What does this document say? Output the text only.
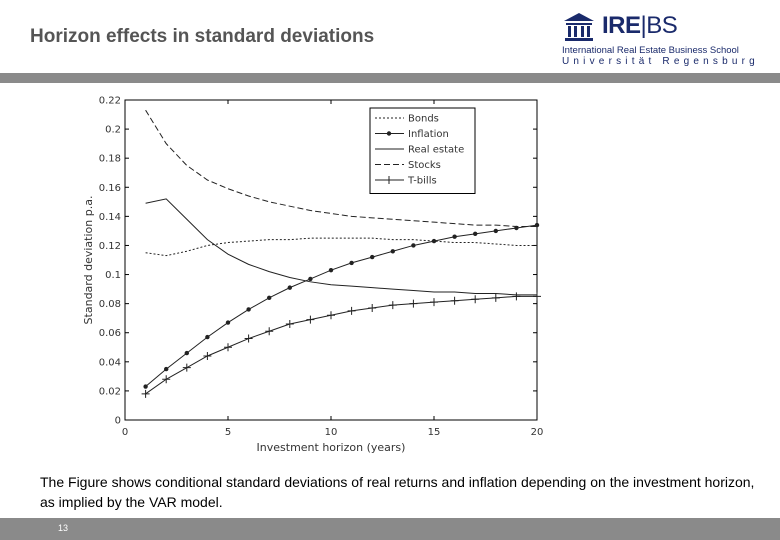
Horizon effects in standard deviations	IRE|BS
International Real Estate Business School
Universität Regensburg
0
0.02
0.04
0.06
0.08
0.1
0.12
0.14
0.16
0.18
0.2
0.22
0	5	10	15	20
Investment horizon (years)
Standard deviation p.a.
Bonds
Inflation
Real estate
Stocks
T-bills
The Figure shows conditional standard deviations of real returns and inflation depending on the investment horizon, as implied by the VAR model.
13
